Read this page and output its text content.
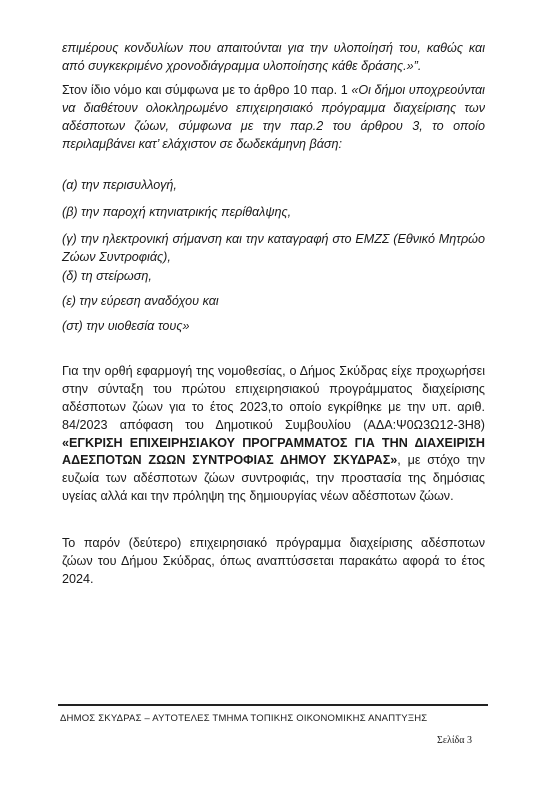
επιμέρους κονδυλίων που απαιτούνται για την υλοποίησή του, καθώς και από συγκεκριμένο χρονοδιάγραμμα υλοποίησης κάθε δράσης.»”.

Στον ίδιο νόμο και σύμφωνα με το άρθρο 10 παρ. 1 «Οι δήμοι υποχρεούνται να διαθέτουν ολοκληρωμένο επιχειρησιακό πρόγραμμα διαχείρισης των αδέσποτων ζώων, σύμφωνα με την παρ.2 του άρθρου 3, το οποίο περιλαμβάνει κατ’ ελάχιστον σε δωδεκάμηνη βάση:

(α) την περισυλλογή,

(β) την παροχή κτηνιατρικής περίθαλψης,

(γ) την ηλεκτρονική σήμανση και την καταγραφή στο ΕΜΖΣ (Εθνικό Μητρώο Ζώων Συντροφιάς),

(δ) τη στείρωση,

(ε) την εύρεση αναδόχου και

(στ) την υιοθεσία τους»

Για την ορθή εφαρμογή της νομοθεσίας, ο Δήμος Σκύδρας είχε προχωρήσει στην σύνταξη του πρώτου επιχειρησιακού προγράμματος διαχείρισης αδέσποτων ζώων για το έτος 2023,το οποίο εγκρίθηκε με την υπ. αριθ. 84/2023 απόφαση του Δημοτικού Συμβουλίου (ΑΔΑ:Ψ0Ω3Ω12-3Η8) «ΕΓΚΡΙΣΗ ΕΠΙΧΕΙΡΗΣΙΑΚΟΥ ΠΡΟΓΡΑΜΜΑΤΟΣ ΓΙΑ ΤΗΝ ΔΙΑΧΕΙΡΙΣΗ ΑΔΕΣΠΟΤΩΝ ΖΩΩΝ ΣΥΝΤΡΟΦΙΑΣ ΔΗΜΟΥ ΣΚΥΔΡΑΣ», με στόχο την ευζωία των αδέσποτων ζώων συντροφιάς, την προστασία της δημόσιας υγείας αλλά και την πρόληψη της δημιουργίας νέων αδέσποτων ζώων.

Το παρόν (δεύτερο) επιχειρησιακό πρόγραμμα διαχείρισης αδέσποτων ζώων του Δήμου Σκύδρας, όπως αναπτύσσεται παρακάτω αφορά το έτος 2024.

ΔΗΜΟΣ ΣΚΥΔΡΑΣ – ΑΥΤΟΤΕΛΕΣ ΤΜΗΜΑ ΤΟΠΙΚΗΣ ΟΙΚΟΝΟΜΙΚΗΣ ΑΝΑΠΤΥΞΗΣ
Σελίδα 3
